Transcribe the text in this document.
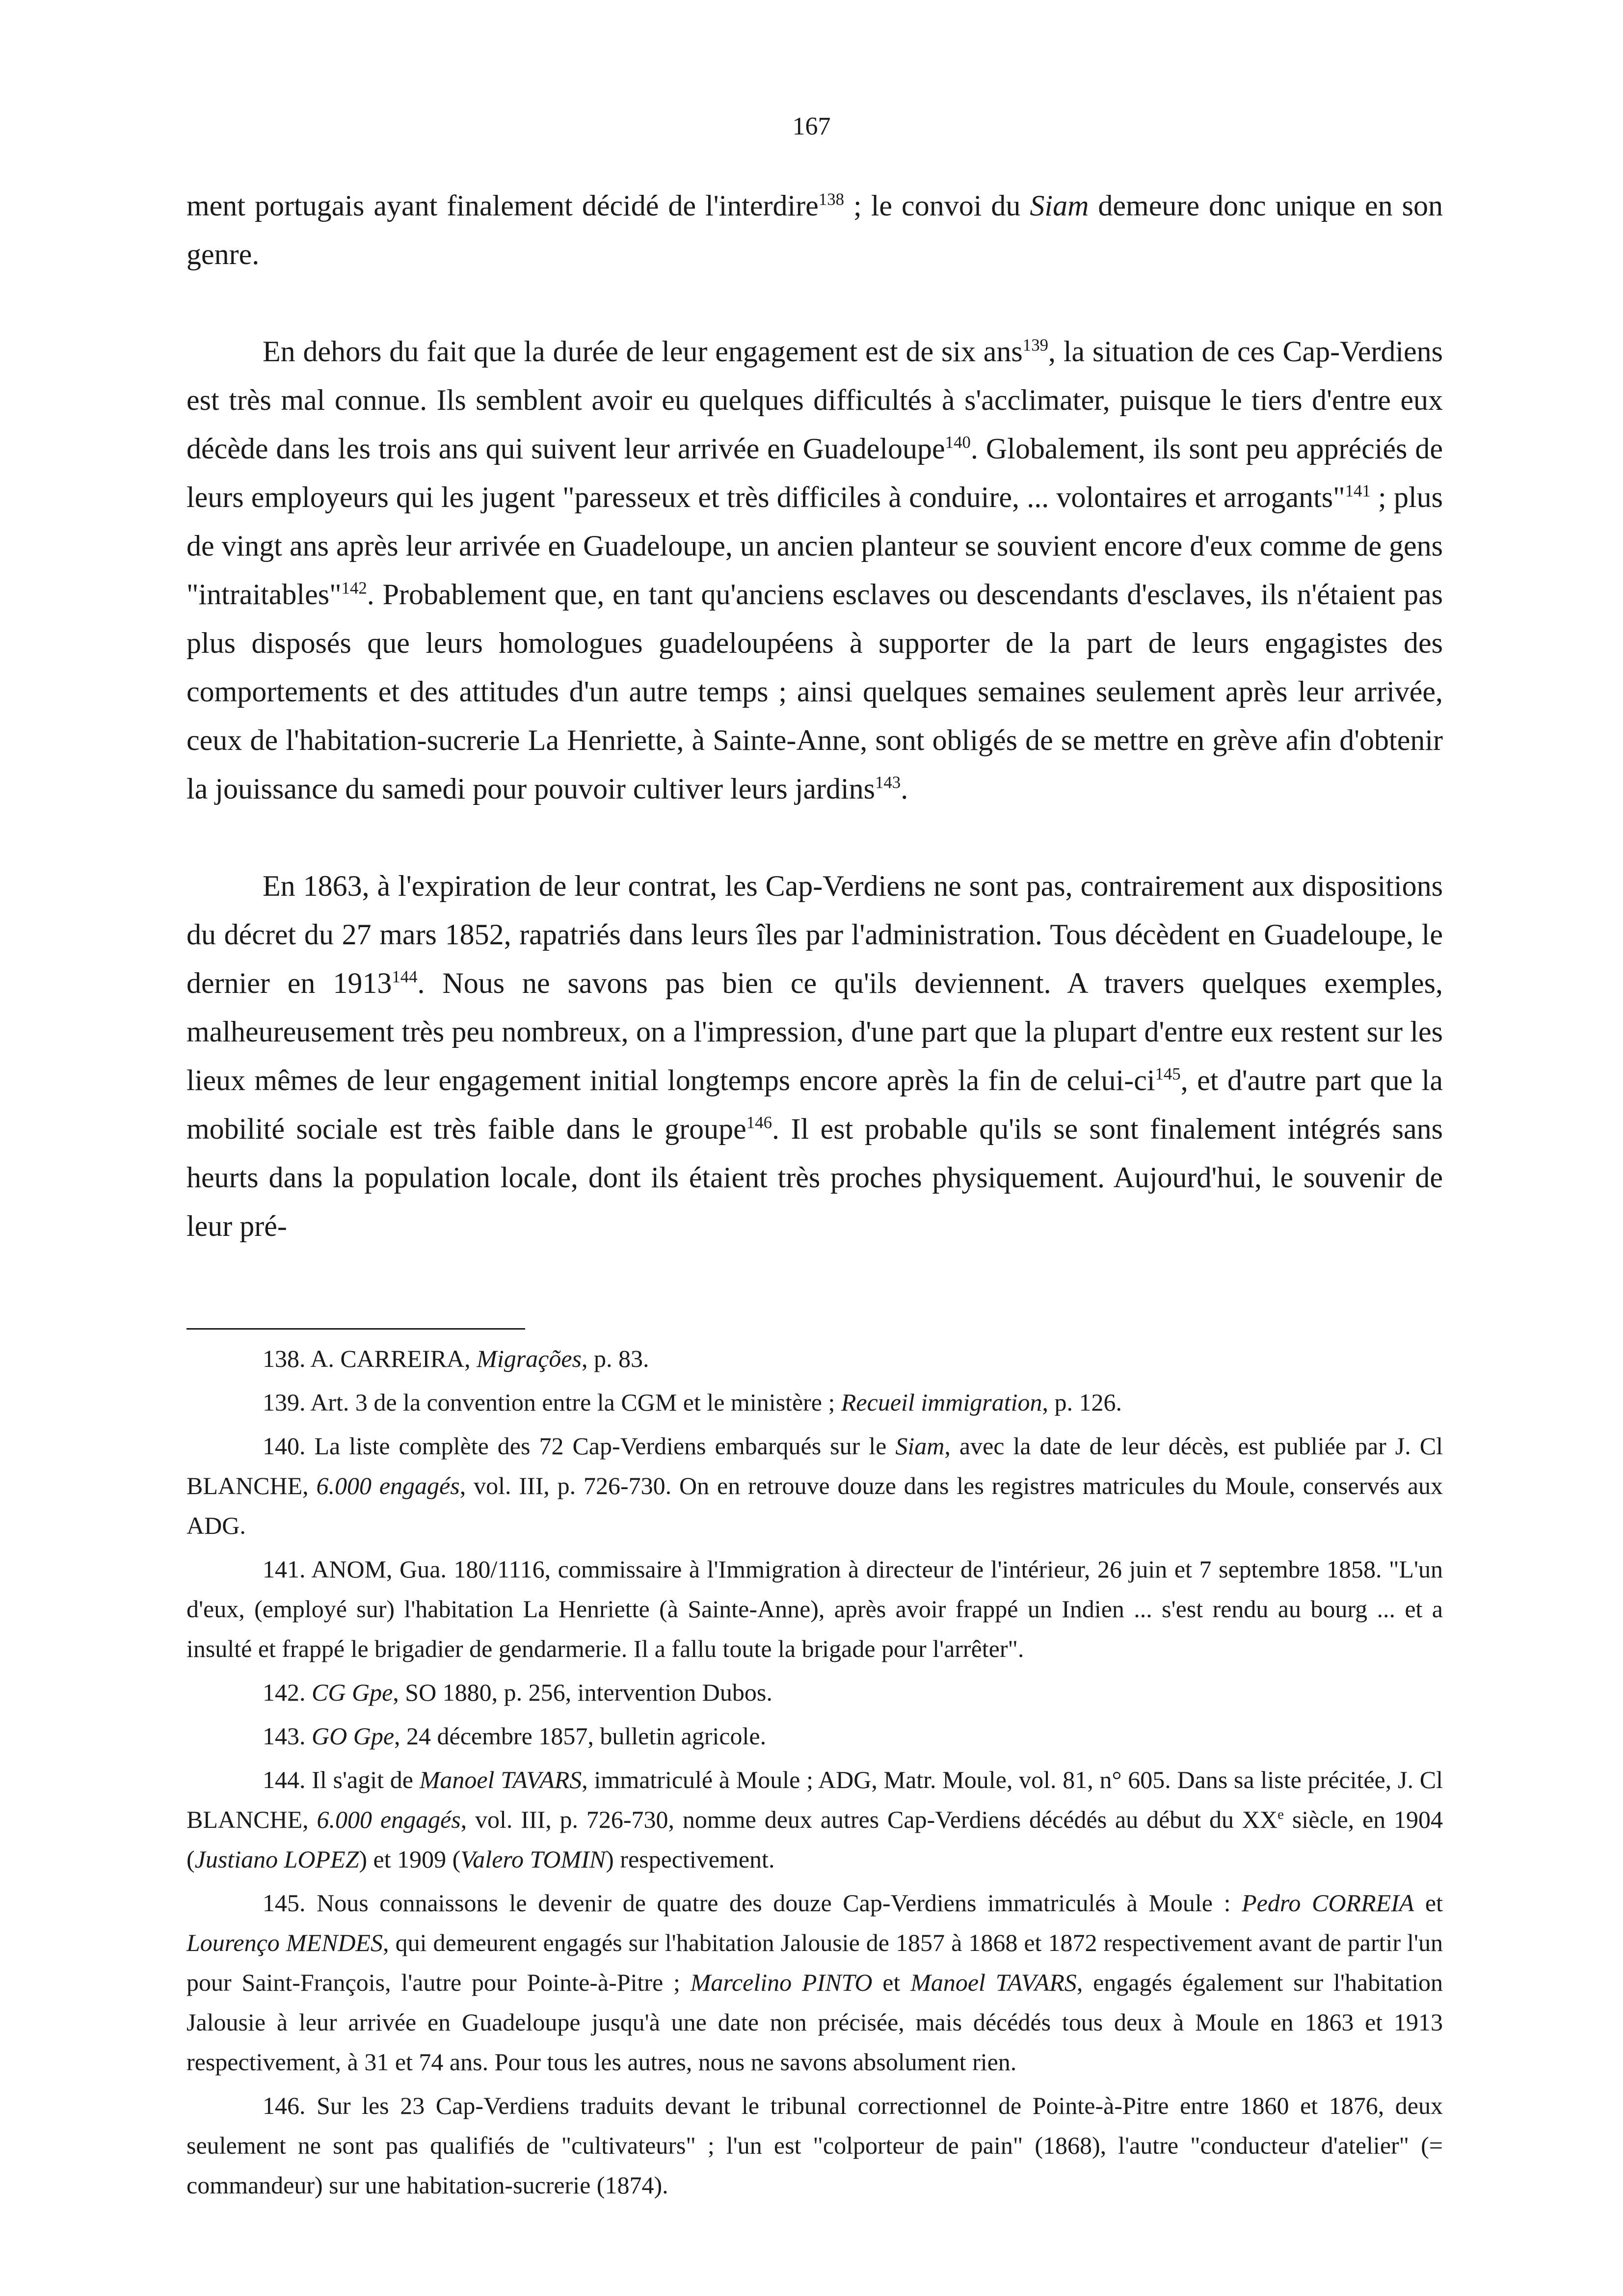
167

ment portugais ayant finalement décidé de l'interdire$^{138}$ ; le convoi du Siam demeure donc unique en son genre.

En dehors du fait que la durée de leur engagement est de six ans$^{139}$, la situation de ces Cap-Verdiens est très mal connue. Ils semblent avoir eu quelques difficultés à s'acclimater, puisque le tiers d'entre eux décède dans les trois ans qui suivent leur arrivée en Guadeloupe$^{140}$. Globalement, ils sont peu appréciés de leurs employeurs qui les jugent "paresseux et très difficiles à conduire, ... volontaires et arrogants"$^{141}$ ; plus de vingt ans après leur arrivée en Guadeloupe, un ancien planteur se souvient encore d'eux comme de gens "intraitables"$^{142}$. Probablement que, en tant qu'anciens esclaves ou descendants d'esclaves, ils n'étaient pas plus disposés que leurs homologues guadeloupéens à supporter de la part de leurs engagistes des comportements et des attitudes d'un autre temps ; ainsi quelques semaines seulement après leur arrivée, ceux de l'habitation-sucrerie La Henriette, à Sainte-Anne, sont obligés de se mettre en grève afin d'obtenir la jouissance du samedi pour pouvoir cultiver leurs jardins$^{143}$.

En 1863, à l'expiration de leur contrat, les Cap-Verdiens ne sont pas, contrairement aux dispositions du décret du 27 mars 1852, rapatriés dans leurs îles par l'administration. Tous décèdent en Guadeloupe, le dernier en 1913$^{144}$. Nous ne savons pas bien ce qu'ils deviennent. A travers quelques exemples, malheureusement très peu nombreux, on a l'impression, d'une part que la plupart d'entre eux restent sur les lieux mêmes de leur engagement initial longtemps encore après la fin de celui-$ci^{145}$, et d'autre part que la mobilité sociale est très faible dans le groupe$^{146}$. Il est probable qu'ils se sont finalement intégrés sans heurts dans la population locale, dont ils étaient très proches physiquement. Aujourd'hui, le souvenir de leur pré-

138. A. CARREIRA, Migrações, p. 83.

139. Art. 3 de la convention entre la CGM et le ministère ; Recueil immigration, p. 126.

140. La liste complète des 72 Cap-Verdiens embarqués sur le Siam, avec la date de leur décès, est publiée par J. Cl BLANCHE, 6.000 engagés, vol. III, p. 726-730. On en retrouve douze dans les registres matricules du Moule, conservés aux ADG.

141. ANOM, Gua. 180/1116, commissaire à l'Immigration à directeur de l'intérieur, 26 juin et 7 septembre 1858. "L'un d'eux, (employé sur) l'habitation La Henriette (à Sainte-Anne), après avoir frappé un Indien ... s'est rendu au bourg ... et a insulté et frappé le brigadier de gendarmerie. Il a fallu toute la brigade pour l'arrêter".

142. CG Gpe, SO 1880, p. 256, intervention Dubos.

143. GO Gpe, 24 décembre 1857, bulletin agricole.

144. Il s'agit de Manoel TAVARS, immatriculé à Moule ; ADG, Matr. Moule, vol. 81, n° 605. Dans sa liste précitée, J. Cl BLANCHE, 6.000 engagés, vol. III, p. 726-730, nomme deux autres Cap-Verdiens décédés au début du XXe siècle, en 1904 (Justiano LOPEZ) et 1909 (Valero TOMIN) respectivement.

145. Nous connaissons le devenir de quatre des douze Cap-Verdiens immatriculés à Moule : Pedro CORREIA et Lourenço MENDES, qui demeurent engagés sur l'habitation Jalousie de 1857 à 1868 et 1872 respectivement avant de partir l'un pour Saint-François, l'autre pour Pointe-à-Pitre ; Marcelino PINTO et Manoel TAVARS, engagés également sur l'habitation Jalousie à leur arrivée en Guadeloupe jusqu'à une date non précisée, mais décédés tous deux à Moule en 1863 et 1913 respectivement, à 31 et 74 ans. Pour tous les autres, nous ne savons absolument rien.

146. Sur les 23 Cap-Verdiens traduits devant le tribunal correctionnel de Pointe-à-Pitre entre 1860 et 1876, deux seulement ne sont pas qualifiés de "cultivateurs" ; l'un est "colporteur de pain" (1868), l'autre "conducteur d'atelier" (= commandeur) sur une habitation-sucrerie (1874).
